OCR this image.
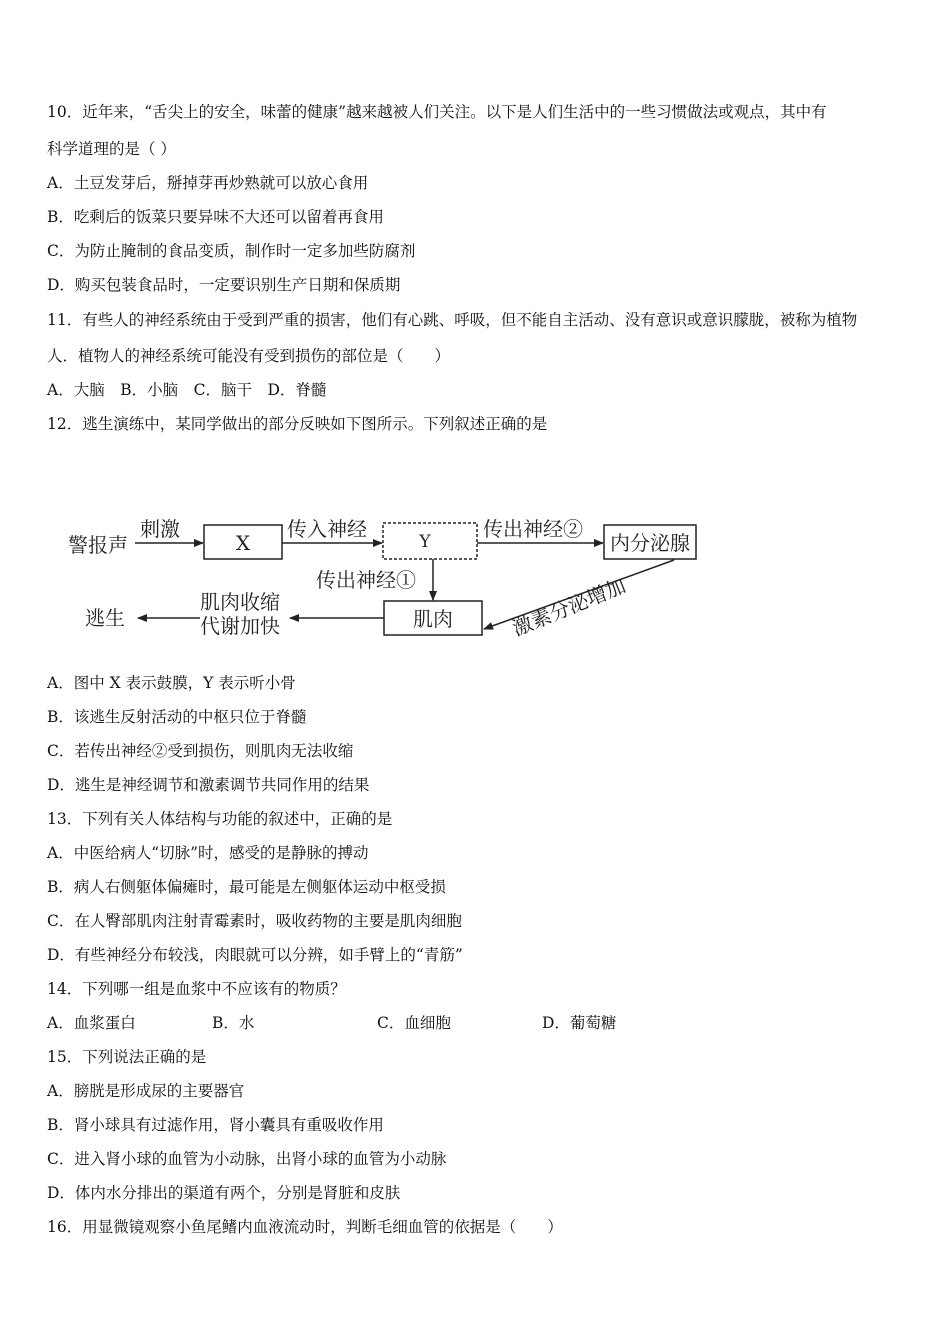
10．近年来，“舌尖上的安全，味蕾的健康”越来越被人们关注。以下是人们生活中的一些习惯做法或观点，其中有
科学道理的是（ ）
A．土豆发芽后，掰掉芽再炒熟就可以放心食用
B．吃剩后的饭菜只要异味不大还可以留着再食用
C．为防止腌制的食品变质，制作时一定多加些防腐剂
D．购买包装食品时，一定要识别生产日期和保质期
11．有些人的神经系统由于受到严重的损害，他们有心跳、呼吸，但不能自主活动、没有意识或意识朦胧，被称为植物
人．植物人的神经系统可能没有受到损伤的部位是（　　）
A．大脑　B．小脑　C．脑干　D．脊髓
12．逃生演练中，某同学做出的部分反映如下图所示。下列叙述正确的是
警报声
刺激
X
传入神经
Y
传出神经②
内分泌腺
传出神经①
肌肉	激素分泌增加
肌肉收缩
代谢加快
逃生
A．图中 X 表示鼓膜，Y 表示听小骨
B．该逃生反射活动的中枢只位于脊髓
C．若传出神经②受到损伤，则肌肉无法收缩
D．逃生是神经调节和激素调节共同作用的结果
13．下列有关人体结构与功能的叙述中，正确的是
A．中医给病人“切脉”时，感受的是静脉的搏动
B．病人右侧躯体偏瘫时，最可能是左侧躯体运动中枢受损
C．在人臀部肌肉注射青霉素时，吸收药物的主要是肌肉细胞
D．有些神经分布较浅，肉眼就可以分辨，如手臂上的“青筋”
14．下列哪一组是血浆中不应该有的物质？
A．血浆蛋白	B．水	C．血细胞	D．葡萄糖
15．下列说法正确的是
A．膀胱是形成尿的主要器官
B．肾小球具有过滤作用，肾小囊具有重吸收作用
C．进入肾小球的血管为小动脉，出肾小球的血管为小动脉
D．体内水分排出的渠道有两个，分别是肾脏和皮肤
16．用显微镜观察小鱼尾鳍内血液流动时，判断毛细血管的依据是（　　）
